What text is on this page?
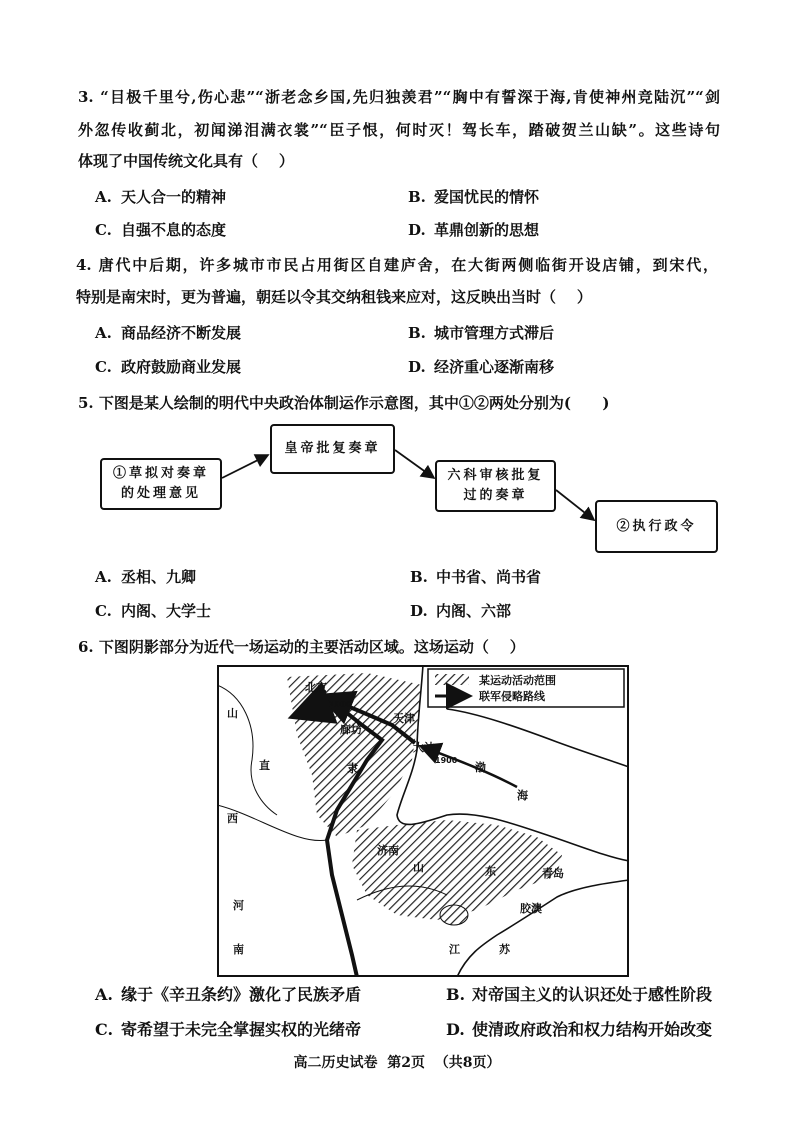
3. “目极千里兮,伤心悲”“浙老念乡国,先归独羡君”“胸中有誓深于海,肯使神州竞陆沉”“剑
外忽传收蓟北，初闻涕泪满衣裳”“臣子恨，何时灭！驾长车，踏破贺兰山缺”。这些诗句
体现了中国传统文化具有（    ）
A. 天人合一的精神	B. 爱国忧民的情怀
C. 自强不息的态度	D. 革鼎创新的思想
4. 唐代中后期，许多城市市民占用街区自建庐舍，在大街两侧临街开设店铺，到宋代，
特别是南宋时，更为普遍，朝廷以令其交纳租钱来应对，这反映出当时（    ）
A. 商品经济不断发展	B. 城市管理方式滞后
C. 政府鼓励商业发展	D. 经济重心逐渐南移
5. 下图是某人绘制的明代中央政治体制运作示意图，其中①②两处分别为(      )
①草拟对奏章
的处理意见
皇帝批复奏章
六科审核批复
过的奏章
②执行政令
A. 丞相、九卿	B. 中书省、尚书省
C. 内阁、大学士	D. 内阁、六部
6. 下图阴影部分为近代一场运动的主要活动区域。这场运动（    ）
某运动活动范围
联军侵略路线
山
西
直	隶
北京
1900
廊坊
天津
大沽
1900
渤
海
济南
山	东	青岛
胶澳
河
南	江	苏
A. 缘于《辛丑条约》激化了民族矛盾	B. 对帝国主义的认识还处于感性阶段
C. 寄希望于未完全掌握实权的光绪帝	D. 使清政府政治和权力结构开始改变
高二历史试卷  第2页  （共8页）
